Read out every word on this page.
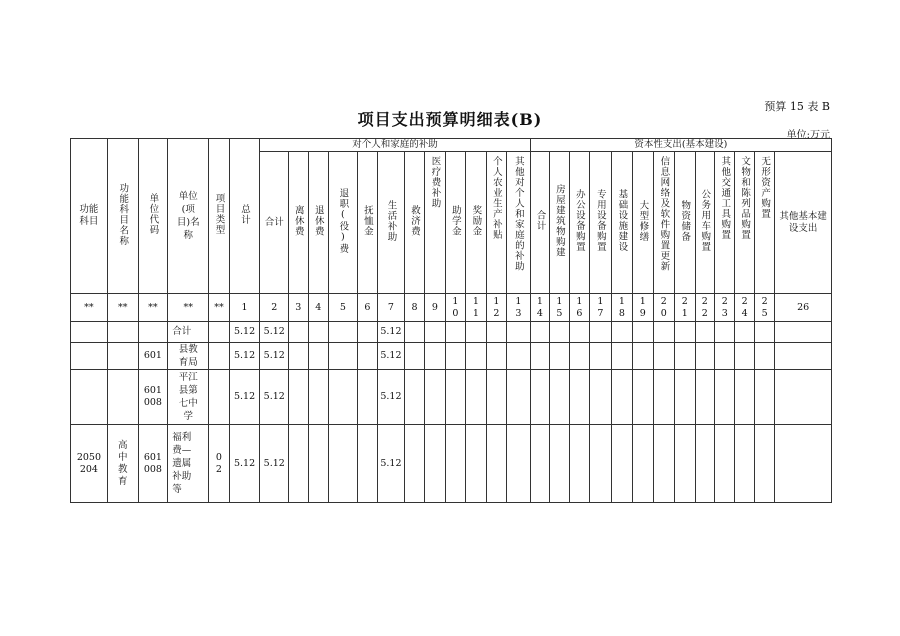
预算 15 表 B
项目支出预算明细表(B)
单位:万元
功能科目	功能科目名称	单位代码	单位(项目)名称	项目类型	总计	对个人和家庭的补助												资本性支出(基本建设)												
						合计	离休费	退休费	退职(役)费	抚恤金	生活补助	救济费	医疗费补助	助学金	奖励金	个人农业生产补贴	其他对个人和家庭的补助	合计	房屋建筑物购建	办公设备购置	专用设备购置	基础设施建设	大型修缮	信息网络及软件购置更新	物资储备	公务用车购置	其他交通工具购置	文物和陈列品购置	无形资产购置	其他基本建设支出
**	**	**	**	**	1	2	3	4	5	6	7	8	9	10	11	12	13	14	15	16	17	18	19	20	21	22	23	24	25	26
			合计		5.12	5.12					5.12																			
		601	县教育局		5.12	5.12					5.12																			
		601008	平江县第七中学		5.12	5.12					5.12																			
2050204	高中教育	601008	福利费—遗属补助等	02	5.12	5.12					5.12																			
